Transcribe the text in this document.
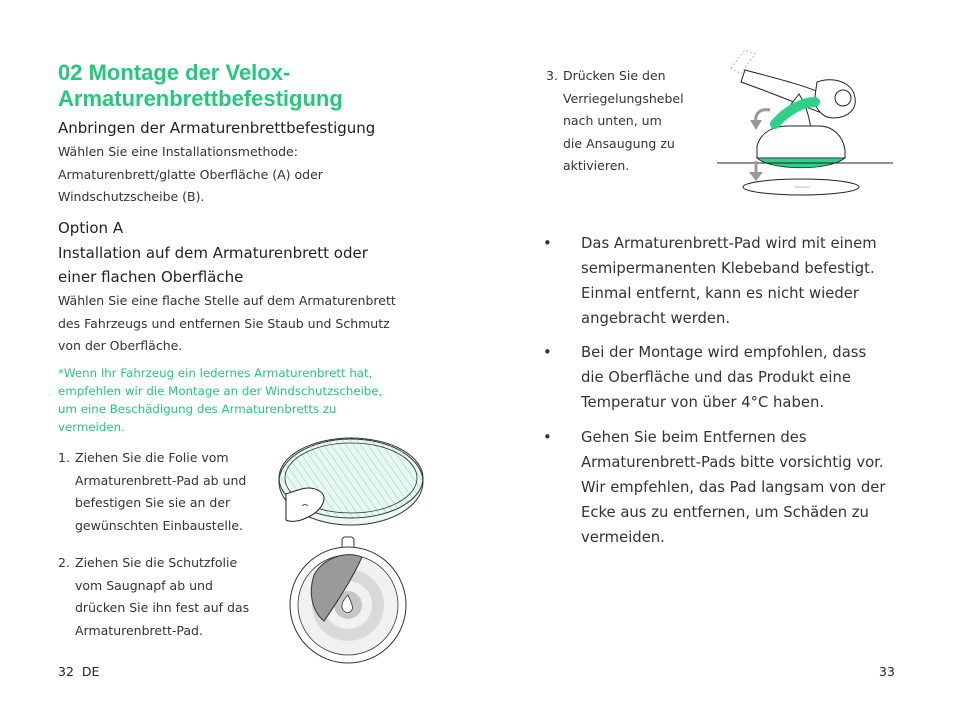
02 Montage der Velox-
Armaturenbrettbefestigung
Anbringen der Armaturenbrettbefestigung
Wählen Sie eine Installationsmethode:
Armaturenbrett/glatte Oberfläche (A) oder
Windschutzscheibe (B).
Option A
Installation auf dem Armaturenbrett oder
einer flachen Oberfläche
Wählen Sie eine flache Stelle auf dem Armaturenbrett
des Fahrzeugs und entfernen Sie Staub und Schmutz
von der Oberfläche.
*Wenn Ihr Fahrzeug ein ledernes Armaturenbrett hat,
empfehlen wir die Montage an der Windschutzscheibe,
um eine Beschädigung des Armaturenbretts zu
vermeiden.
1. Ziehen Sie die Folie vom
Armaturenbrett-Pad ab und
befestigen Sie sie an der
gewünschten Einbaustelle.
2. Ziehen Sie die Schutzfolie
vom Saugnapf ab und
drücken Sie ihn fest auf das
Armaturenbrett-Pad.
32 DE
3. Drücken Sie den
Verriegelungshebel
nach unten, um
die Ansaugung zu
aktivieren.
• Das Armaturenbrett-Pad wird mit einem
semipermanenten Klebeband befestigt.
Einmal entfernt, kann es nicht wieder
angebracht werden.
• Bei der Montage wird empfohlen, dass
die Oberfläche und das Produkt eine
Temperatur von über 4°C haben.
• Gehen Sie beim Entfernen des
Armaturenbrett-Pads bitte vorsichtig vor.
Wir empfehlen, das Pad langsam von der
Ecke aus zu entfernen, um Schäden zu
vermeiden.
33
